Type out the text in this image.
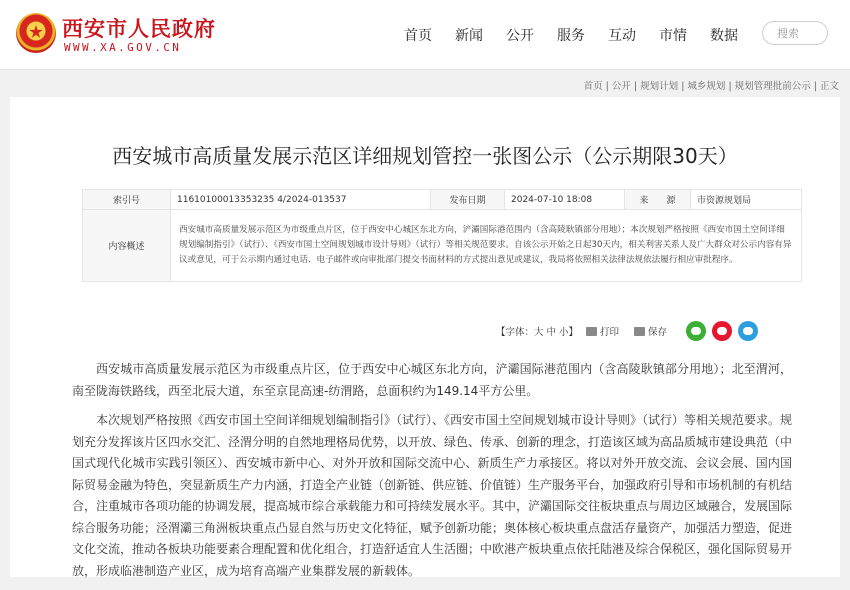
西安市人民政府
WWW.XA.GOV.CN
首页 新闻 公开 服务 互动 市情 数据
搜索
首页 | 公开 | 规划计划 | 城乡规划 | 规划管理批前公示 | 正文
西安城市高质量发展示范区详细规划管控一张图公示（公示期限30天）
索引号	11610100013353235 4/2024-013537	发布日期	2024-07-10 18:08	来　　源	市资源规划局
内容概述	西安城市高质量发展示范区为市级重点片区，位于西安中心城区东北方向，浐灞国际港范围内（含高陵耿镇部分用地）；本次规划严格按照《西安市国土空间详细规划编制指引》（试行）、《西安市国土空间规划城市设计导则》（试行）等相关规范要求。自该公示开始之日起30天内，相关利害关系人及广大群众对公示内容有异议或意见，可于公示期内通过电话、电子邮件或向审批部门提交书面材料的方式提出意见或建议，我局将依照相关法律法规依法履行相应审批程序。				
【字体：大 中 小】	打印	保存

西安城市高质量发展示范区为市级重点片区，位于西安中心城区东北方向，浐灞国际港范围内（含高陵耿镇部分用地）；北至渭河，南至陇海铁路线，西至北辰大道，东至京昆高速-纺渭路，总面积约为149.14平方公里。

本次规划严格按照《西安市国土空间详细规划编制指引》（试行）、《西安市国土空间规划城市设计导则》（试行）等相关规范要求。规划充分发挥该片区四水交汇、泾渭分明的自然地理格局优势，以开放、绿色、传承、创新的理念，打造该区域为高品质城市建设典范（中国式现代化城市实践引领区）、西安城市新中心、对外开放和国际交流中心、新质生产力承接区。将以对外开放交流、会议会展、国内国际贸易金融为特色，突显新质生产力内涵，打造全产业链（创新链、供应链、价值链）生产服务平台，加强政府引导和市场机制的有机结合，注重城市各项功能的协调发展，提高城市综合承载能力和可持续发展水平。其中，浐灞国际交往板块重点与周边区域融合，发展国际综合服务功能；泾渭灞三角洲板块重点凸显自然与历史文化特征，赋予创新功能；奥体核心板块重点盘活存量资产，加强活力塑造，促进文化交流，推动各板块功能要素合理配置和优化组合，打造舒适宜人生活圈；中欧港产板块重点依托陆港及综合保税区，强化国际贸易开放，形成临港制造产业区，成为培育高端产业集群发展的新载体。
